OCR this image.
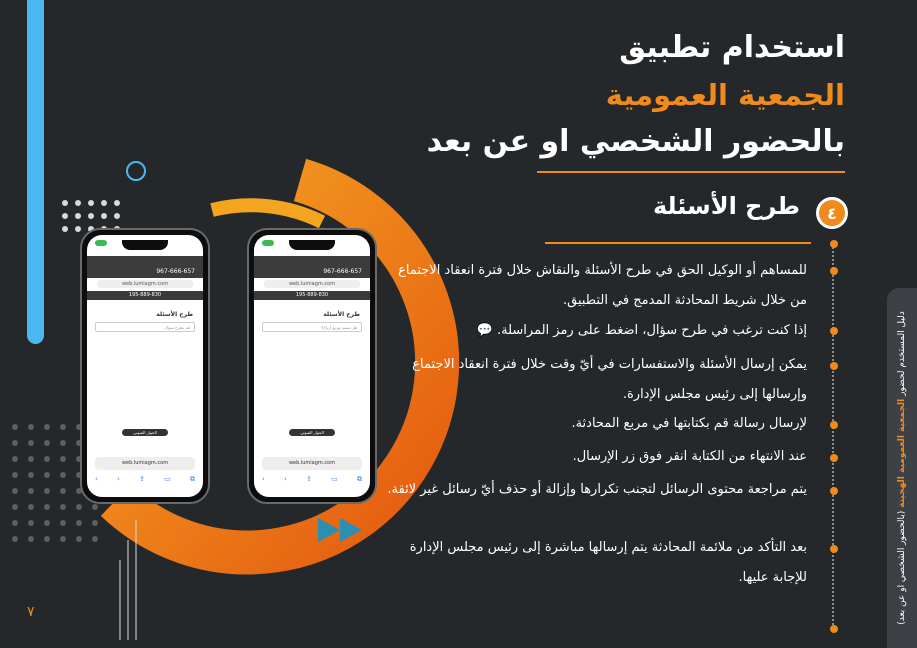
967-666-657
web.lumiagm.com
195-889-830
طرح الأسئلة
قم بطرح سؤال
الحوار الصوتي
web.lumiagm.com
‹	›	⇪	▭	⧉
967-666-657
web.lumiagm.com
195-889-830
طرح الأسئلة
هل سيتم توزيع أرباح؟
الحوار الصوتي
web.lumiagm.com
‹	›	⇪	▭	⧉
استخدام تطبيق
الجمعية العمومية
بالحضور الشخصي او عن بعد
٤
طرح الأسئلة
للمساهم أو الوكيل الحق في طرح الأسئلة والنقاش خلال فترة انعقاد الاجتماع من خلال شريط المحادثة المدمج في التطبيق.
إذا كنت ترغب في طرح سؤال، اضغط على رمز المراسلة. 💬
يمكن إرسال الأسئلة والاستفسارات في أيّ وقت خلال فترة انعقاد الاجتماع وإرسالها إلى رئيس مجلس الإدارة.
لإرسال رسالة قم بكتابتها في مربع المحادثة.
عند الانتهاء من الكتابة انقر فوق زر الإرسال.
يتم مراجعة محتوى الرسائل لتجنب تكرارها وإزالة أو حذف أيّ رسائل غير لائقة.
بعد التأكد من ملائمة المحادثة يتم إرسالها مباشرة إلى رئيس مجلس الإدارة للإجابة عليها.
دليل المستخدم لحضور الجمعية العمومية الهجينة (بالحضور الشخصي او عن بعد)
٧
